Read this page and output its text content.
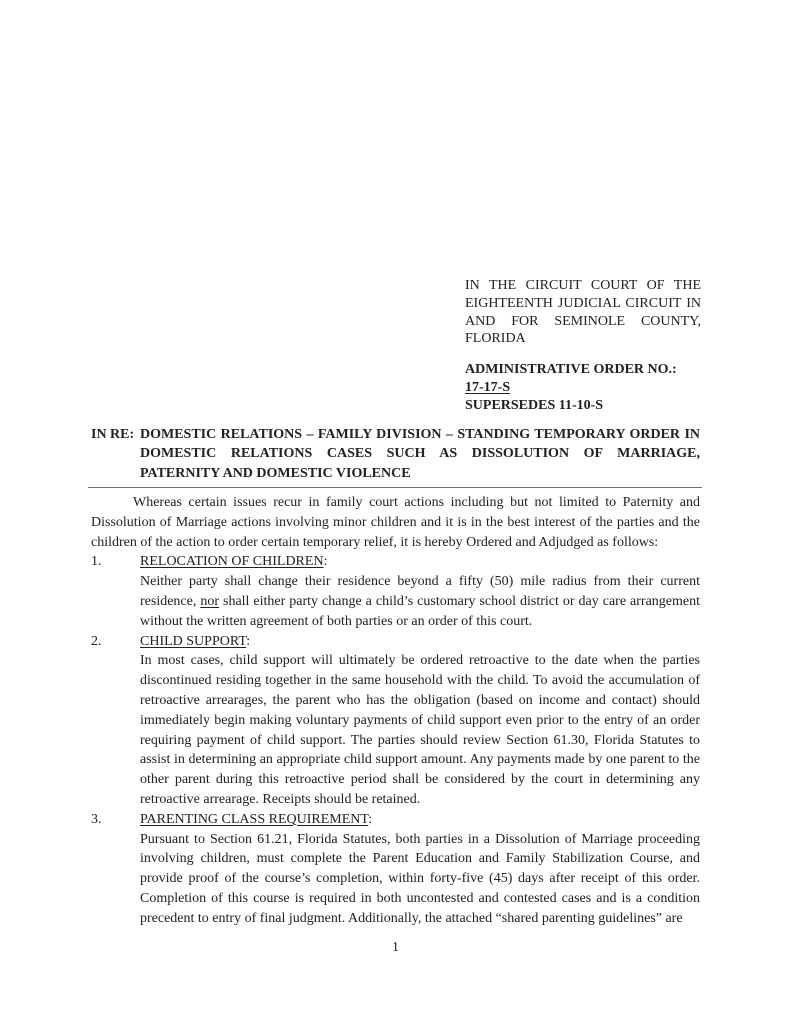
IN THE CIRCUIT COURT OF THE EIGHTEENTH JUDICIAL CIRCUIT IN AND FOR SEMINOLE COUNTY, FLORIDA

ADMINISTRATIVE ORDER NO.:
17-17-S
SUPERSEDES 11-10-S
IN RE: DOMESTIC RELATIONS – FAMILY DIVISION – STANDING TEMPORARY ORDER IN DOMESTIC RELATIONS CASES SUCH AS DISSOLUTION OF MARRIAGE, PATERNITY AND DOMESTIC VIOLENCE

Whereas certain issues recur in family court actions including but not limited to Paternity and Dissolution of Marriage actions involving minor children and it is in the best interest of the parties and the children of the action to order certain temporary relief, it is hereby Ordered and Adjudged as follows:

1.	RELOCATION OF CHILDREN:

Neither party shall change their residence beyond a fifty (50) mile radius from their current residence, nor shall either party change a child’s customary school district or day care arrangement without the written agreement of both parties or an order of this court.

2.	CHILD SUPPORT:

In most cases, child support will ultimately be ordered retroactive to the date when the parties discontinued residing together in the same household with the child. To avoid the accumulation of retroactive arrearages, the parent who has the obligation (based on income and contact) should immediately begin making voluntary payments of child support even prior to the entry of an order requiring payment of child support. The parties should review Section 61.30, Florida Statutes to assist in determining an appropriate child support amount. Any payments made by one parent to the other parent during this retroactive period shall be considered by the court in determining any retroactive arrearage. Receipts should be retained.

3.	PARENTING CLASS REQUIREMENT:

Pursuant to Section 61.21, Florida Statutes, both parties in a Dissolution of Marriage proceeding involving children, must complete the Parent Education and Family Stabilization Course, and provide proof of the course’s completion, within forty-five (45) days after receipt of this order. Completion of this course is required in both uncontested and contested cases and is a condition precedent to entry of final judgment. Additionally, the attached “shared parenting guidelines” are

1
